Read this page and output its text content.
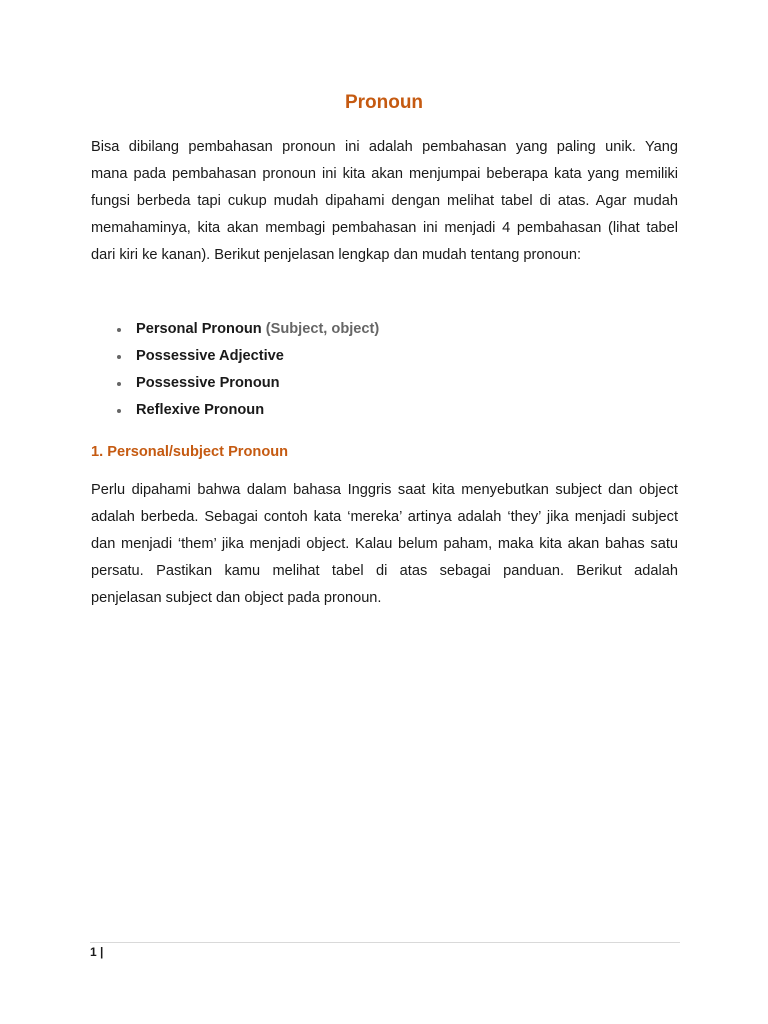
Pronoun
Bisa dibilang pembahasan pronoun ini adalah pembahasan yang paling unik. Yang
mana pada pembahasan pronoun ini kita akan menjumpai beberapa kata yang memiliki
fungsi berbeda tapi cukup mudah dipahami dengan melihat tabel di atas. Agar mudah
memahaminya, kita akan membagi pembahasan ini menjadi 4 pembahasan (lihat tabel
dari kiri ke kanan). Berikut penjelasan lengkap dan mudah tentang pronoun:
Personal Pronoun (Subject, object)
Possessive Adjective
Possessive Pronoun
Reflexive Pronoun
1. Personal/subject Pronoun
Perlu dipahami bahwa dalam bahasa Inggris saat kita menyebutkan subject dan object
adalah berbeda. Sebagai contoh kata ‘mereka’ artinya adalah ‘they’ jika menjadi subject
dan menjadi ‘them’ jika menjadi object. Kalau belum paham, maka kita akan bahas satu
persatu. Pastikan kamu melihat tabel di atas sebagai panduan. Berikut adalah
penjelasan subject dan object pada pronoun.
1 |
